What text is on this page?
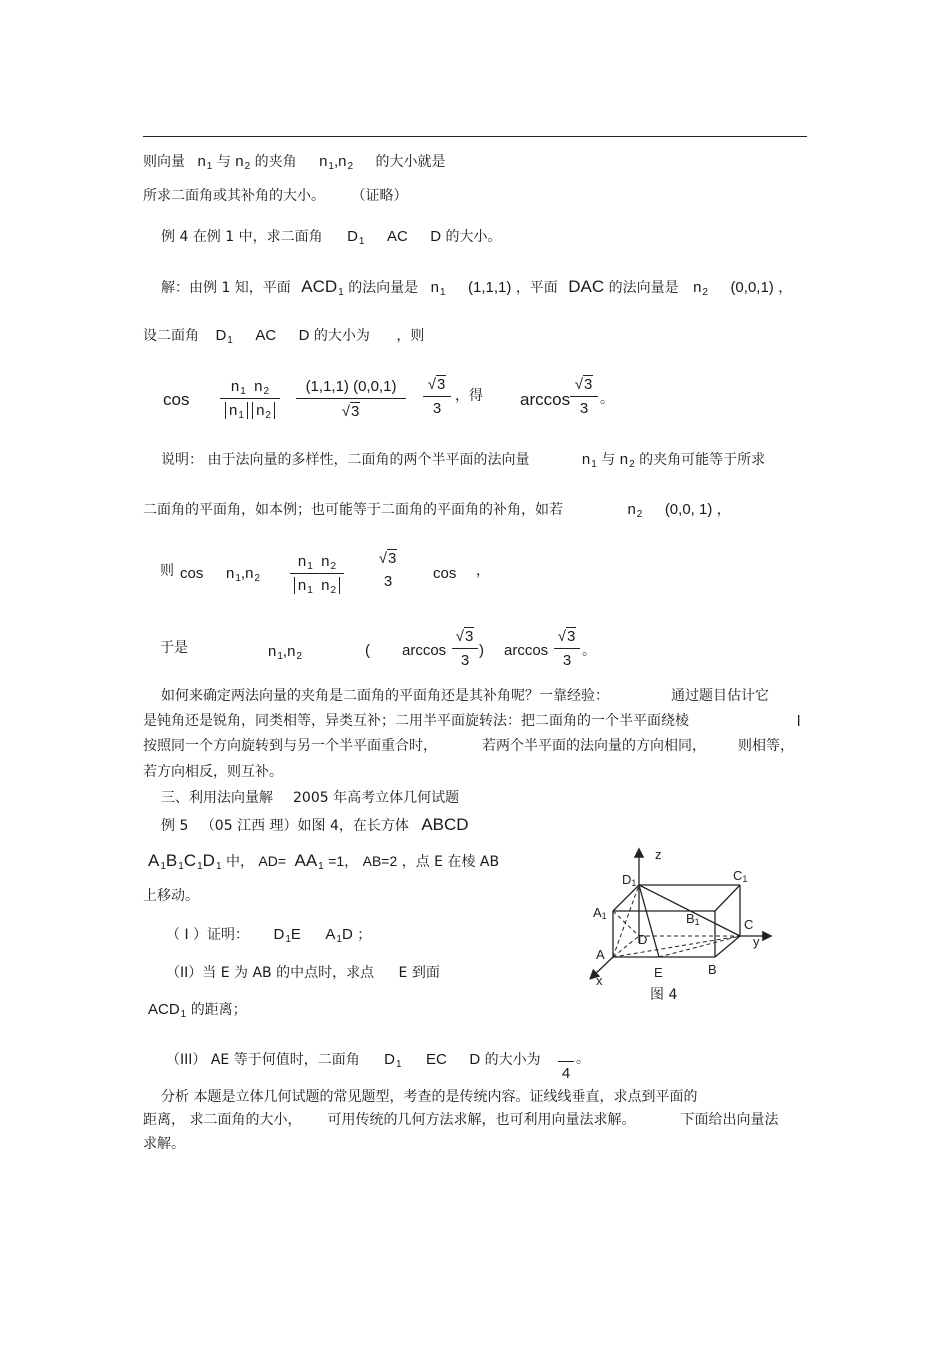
则向量 $n_1$ 与 $n_2$ 的夹角 $n_1,n_2$ 的大小就是
所求二面角或其补角的大小。 （证略）
例 4 在例 1 中，求二面角 $D_1$ AC D 的大小。
解：由例 1 知，平面 ACD1 的法向量是 $n_1$ (1,1,1) ，平面 DAC 的法向量是 $n_2$ (0,0,1) ，
设二面角 $D_1$ AC D 的大小为 ，则
$\cos \frac{n_1 n_2}{n_1 n_2} \frac{(1,1,1) (0,0,1)}{√3} \frac{√3}{3}$ ，得 $\arccos \frac{√3}{3}$ 。
说明： 由于法向量的多样性，二面角的两个半平面的法向量	$n_1$ 与 $n_2$ 的夹角可能等于所求
二面角的平面角，如本例；也可能等于二面角的平面角的补角，如若	$n_2$ (0,0, 1) ，
则 $\cos n_1,n_2 \frac{n_1 n_2}{n_1 n_2}$	√3
3	cos ，
于是	$n_1,n_2$	( $\arccos \frac{√3}{3}$ ) $\arccos \frac{√3}{3}$ 。
如何来确定两法向量的夹角是二面角的平面角还是其补角呢？一靠经验：	通过题目估计它
是钝角还是锐角，同类相等，异类互补；二用半平面旋转法：把二面角的一个半平面绕棱	l
按照同一个方向旋转到与另一个半平面重合时，	若两个半平面的法向量的方向相同， 则相等，
若方向相反，则互补。
三、利用法向量解 2005 年高考立体几何试题
例 5 （05 江西 理）如图 4，在长方体 ABCD
A1B1C1D1 中， AD= AA1 =1， AB=2 ，点 E 在棱 AB
上移动。
（ I ）证明： $D_1E$ $A_1D$ ；
（II）当 E 为 AB 的中点时，求点 E 到面
$ACD_1$ 的距离；
（III） AE 等于何值时，二面角 $D_1$ EC D 的大小为
4
。
分析 本题是立体几何试题的常见题型，考查的是传统内容。证线线垂直，求点到平面的
距离， 求二面角的大小， 可用传统的几何方法求解，也可利用向量法求解。	下面给出向量法
求解。
z
D1	C1
A1	B1	C
y
D
A
E	B
x
图 4
